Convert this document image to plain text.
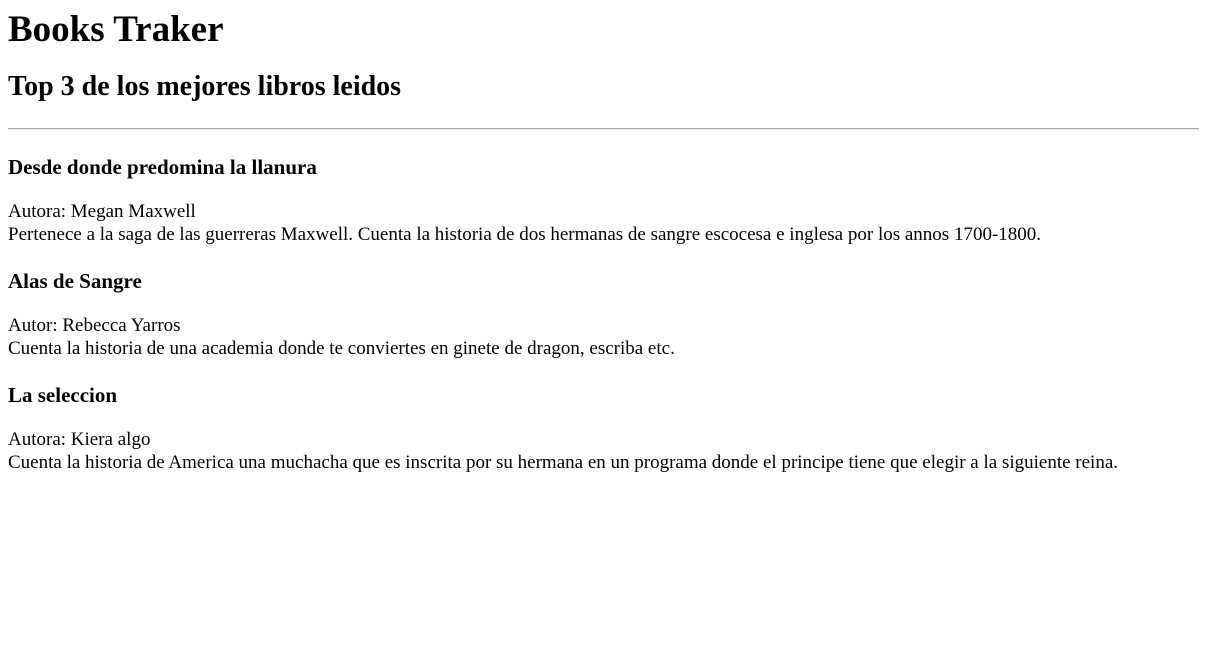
Books Traker
Top 3 de los mejores libros leidos
Desde donde predomina la llanura

Autora: Megan Maxwell
Pertenece a la saga de las guerreras Maxwell. Cuenta la historia de dos hermanas de sangre escocesa e inglesa por los annos 1700-1800.

Alas de Sangre

Autor: Rebecca Yarros
Cuenta la historia de una academia donde te conviertes en ginete de dragon, escriba etc.

La seleccion

Autora: Kiera algo
Cuenta la historia de America una muchacha que es inscrita por su hermana en un programa donde el principe tiene que elegir a la siguiente reina.
